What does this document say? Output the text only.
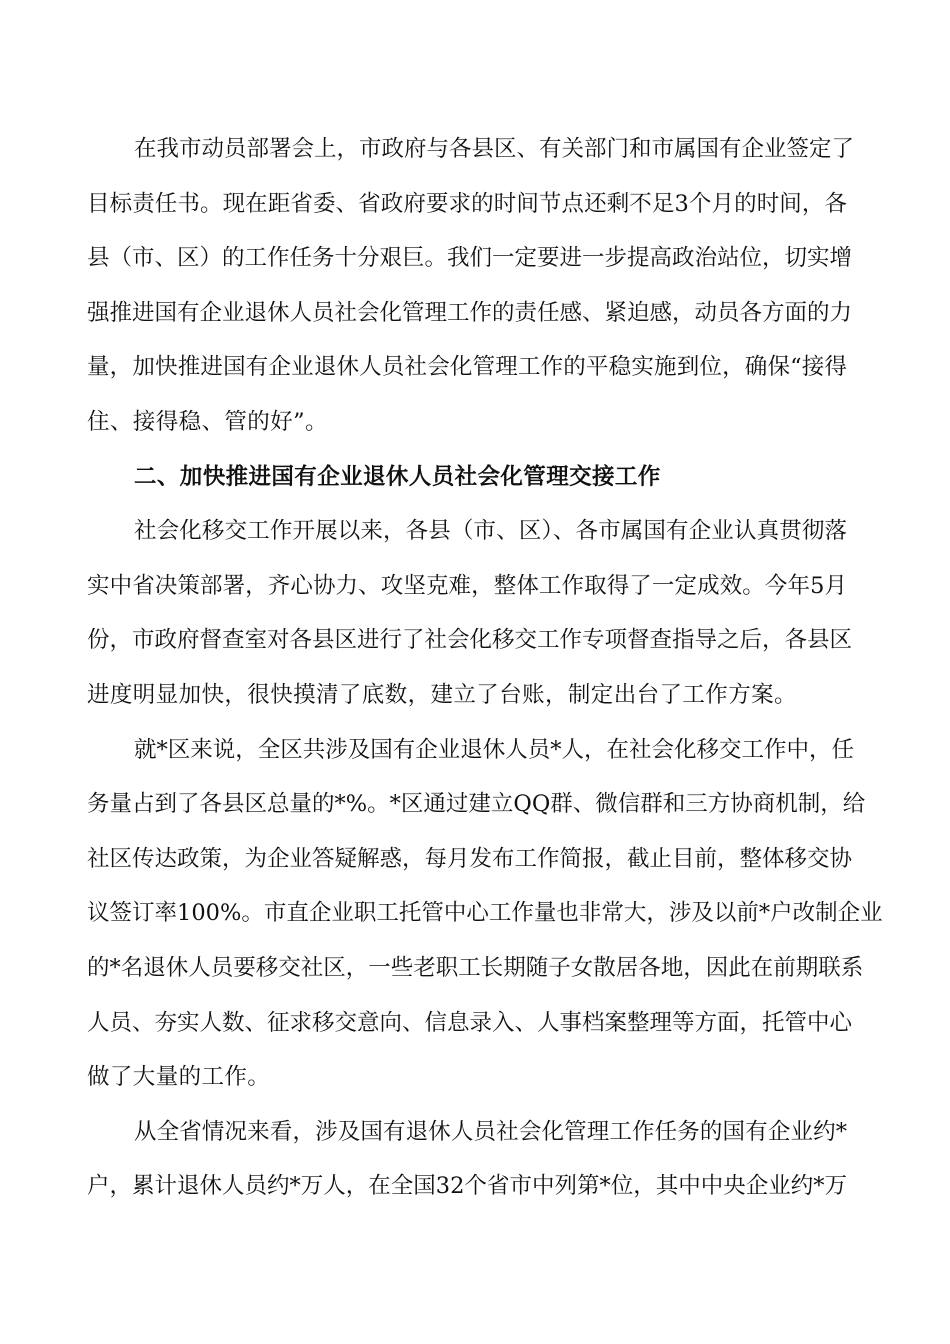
在我市动员部署会上，市政府与各县区、有关部门和市属国有企业签定了
目标责任书。现在距省委、省政府要求的时间节点还剩不足3个月的时间，各
县（市、区）的工作任务十分艰巨。我们一定要进一步提高政治站位，切实增
强推进国有企业退休人员社会化管理工作的责任感、紧迫感，动员各方面的力
量，加快推进国有企业退休人员社会化管理工作的平稳实施到位，确保“接得
住、接得稳、管的好”。
二、加快推进国有企业退休人员社会化管理交接工作
社会化移交工作开展以来，各县（市、区）、各市属国有企业认真贯彻落
实中省决策部署，齐心协力、攻坚克难，整体工作取得了一定成效。今年5月
份，市政府督查室对各县区进行了社会化移交工作专项督查指导之后，各县区
进度明显加快，很快摸清了底数，建立了台账，制定出台了工作方案。
就*区来说，全区共涉及国有企业退休人员*人，在社会化移交工作中，任
务量占到了各县区总量的*%。*区通过建立QQ群、微信群和三方协商机制，给
社区传达政策，为企业答疑解惑，每月发布工作简报，截止目前，整体移交协
议签订率100%。市直企业职工托管中心工作量也非常大，涉及以前*户改制企业
的*名退休人员要移交社区，一些老职工长期随子女散居各地，因此在前期联系
人员、夯实人数、征求移交意向、信息录入、人事档案整理等方面，托管中心
做了大量的工作。
从全省情况来看，涉及国有退休人员社会化管理工作任务的国有企业约*
户，累计退休人员约*万人，在全国32个省市中列第*位，其中中央企业约*万
